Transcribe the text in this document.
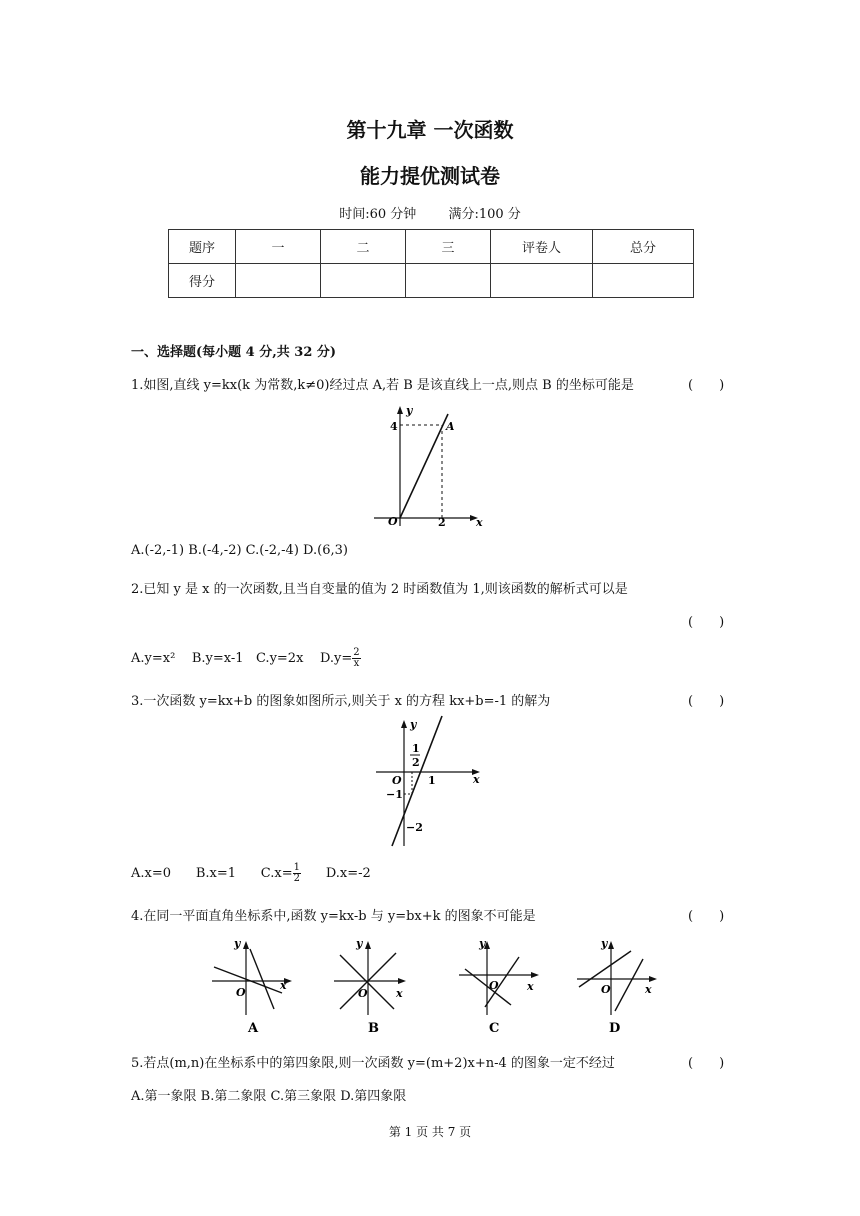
第十九章 一次函数
能力提优测试卷
时间:60 分钟 满分:100 分
题序	一	二	三	评卷人	总分
得分					
一、选择题(每小题 4 分,共 32 分)
1.如图,直线 y=kx(k 为常数,k≠0)经过点 A,若 B 是该直线上一点,则点 B 的坐标可能是	(　　)
y
x
O
4
2
A
A.(-2,-1) B.(-4,-2) C.(-2,-4) D.(6,3)
2.已知 y 是 x 的一次函数,且当自变量的值为 2 时函数值为 1,则该函数的解析式可以是
(　　)
A.y=x² B.y=x-1 C.y=2x $D.y= \frac{2}{x}$
3.一次函数 y=kx+b 的图象如图所示,则关于 x 的方程 kx+b=-1 的解为	(　　)
y
x
O
1
2
1
−1
−2
A.x=0 B.x=1 $C.x= \frac{1}{2} D.x=-2$
4.在同一平面直角坐标系中,函数 y=kx-b 与 y=bx+k 的图象不可能是	(　　)
y
x
O
A
y
x
O
B
y
x
O
C
y
x
O
D
5.若点(m,n)在坐标系中的第四象限,则一次函数 y=(m+2)x+n-4 的图象一定不经过	(　　)
A.第一象限 B.第二象限 C.第三象限 D.第四象限
第 1 页 共 7 页
